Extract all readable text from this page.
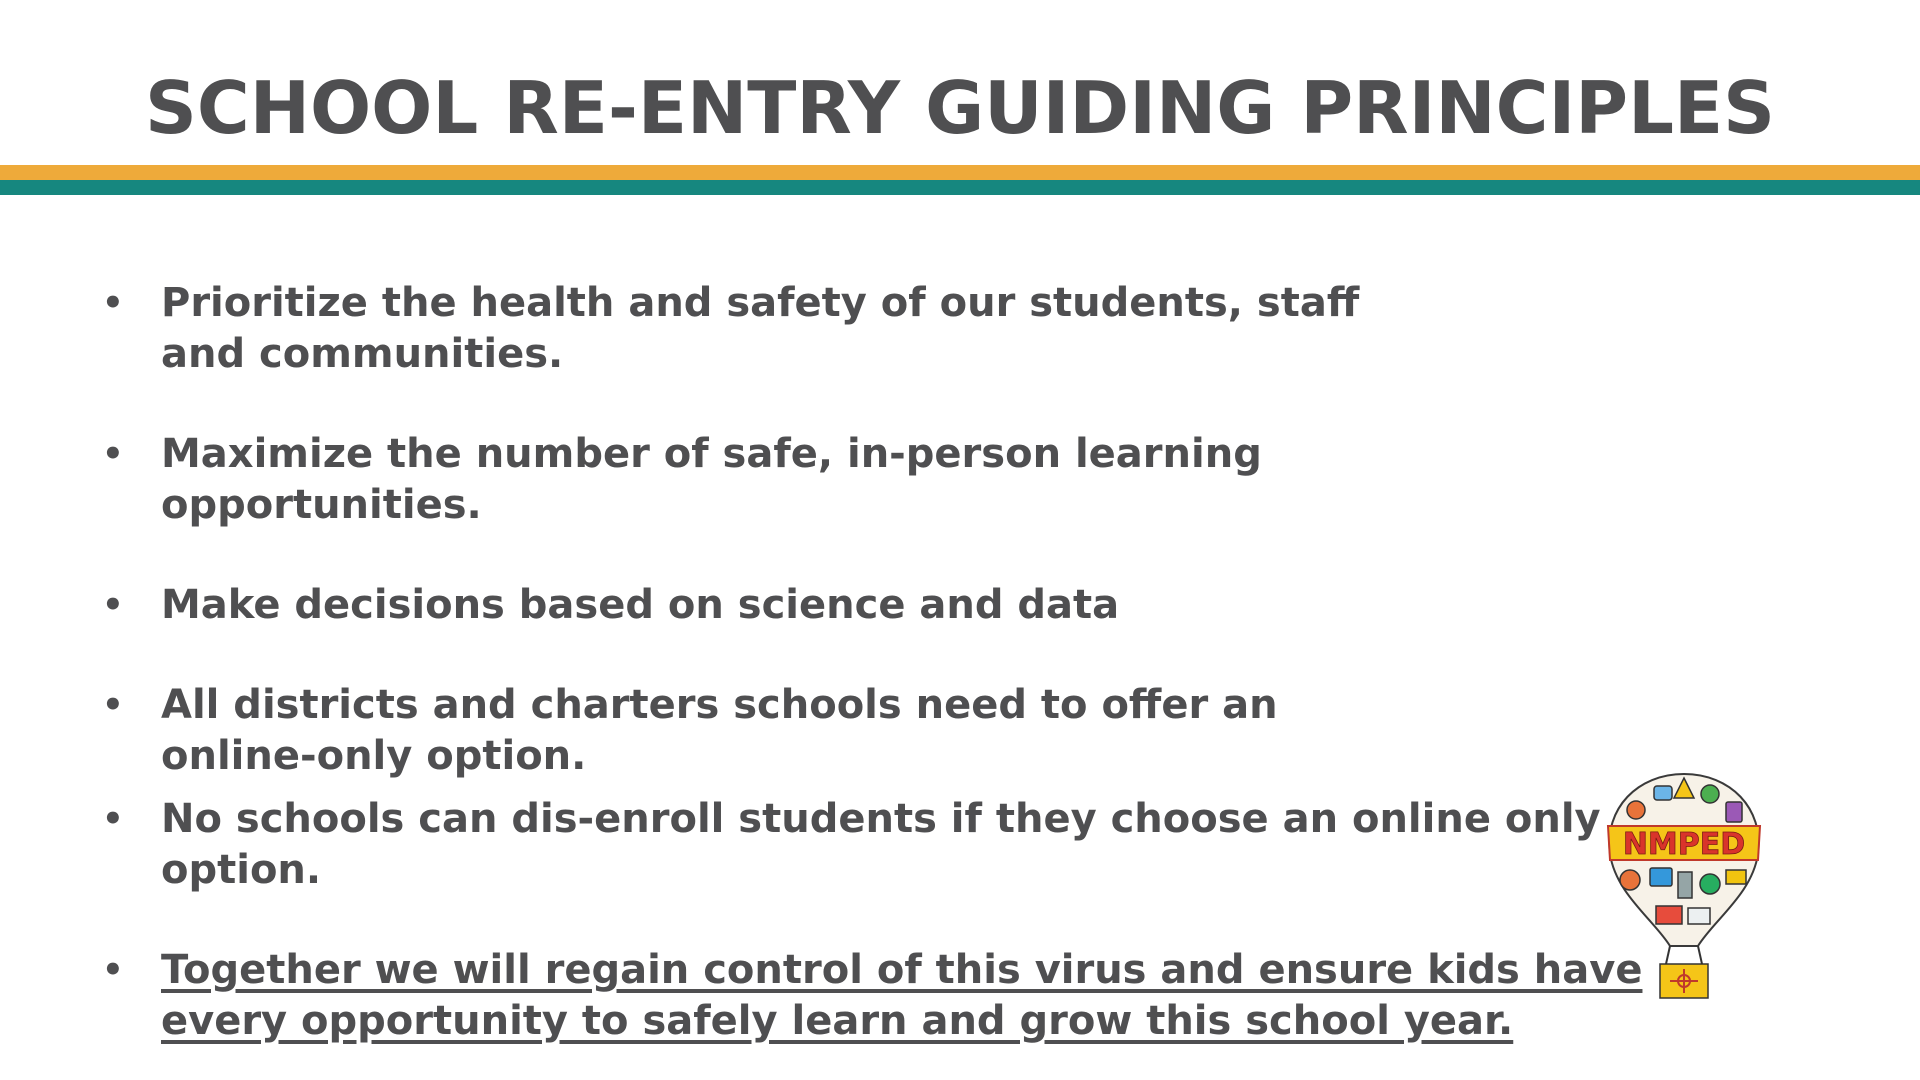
SCHOOL RE-ENTRY GUIDING PRINCIPLES
• Prioritize the health and safety of our students, staff and communities.
• Maximize the number of safe, in-person learning opportunities.
• Make decisions based on science and data
• All districts and charters schools need to offer an online-only option.
• No schools can dis-enroll students if they choose an online only option.
• Together we will regain control of this virus and ensure kids have
every opportunity to safely learn and grow this school year.
NMPED
